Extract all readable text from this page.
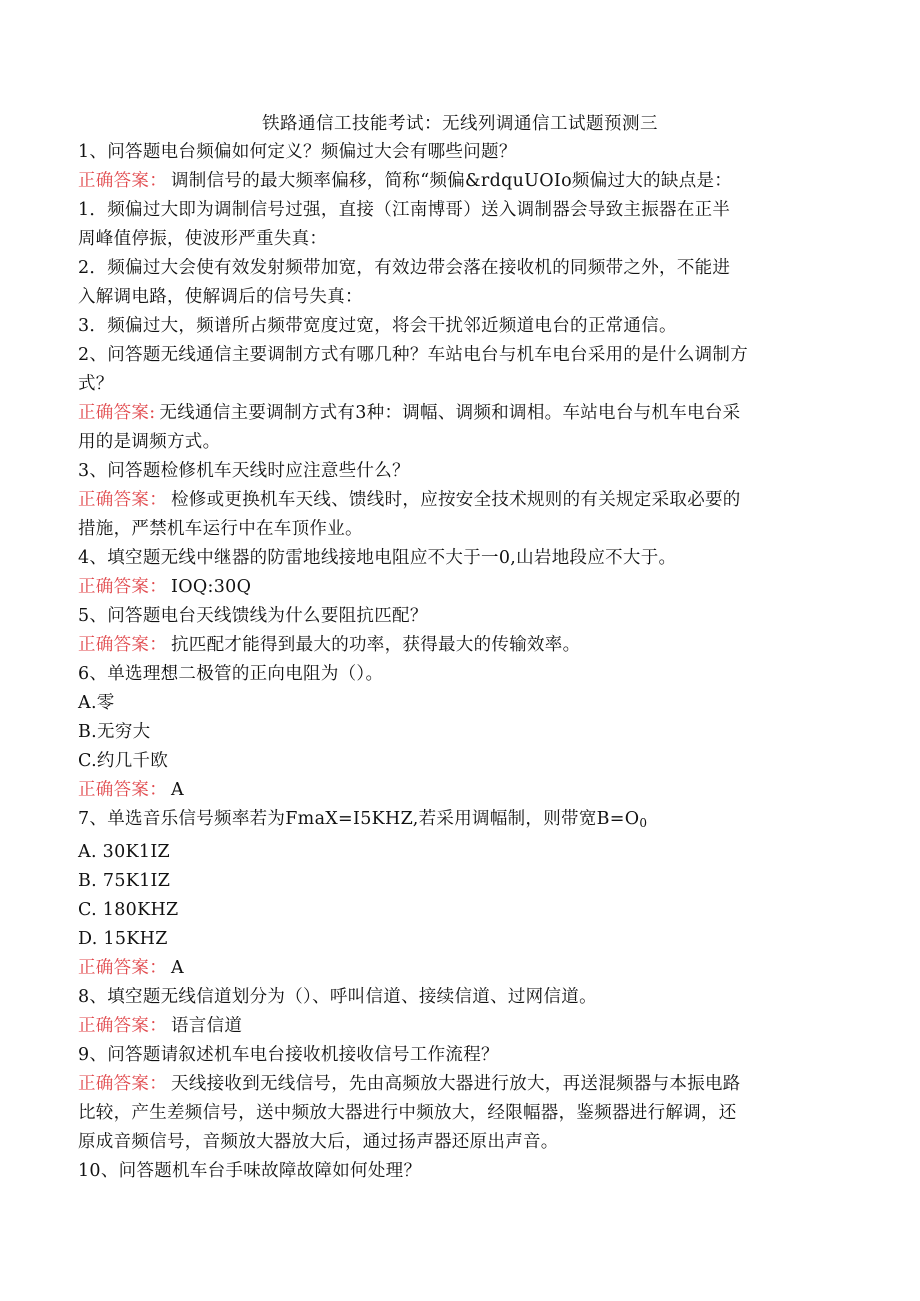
铁路通信工技能考试：无线列调通信工试题预测三
1、问答题电台频偏如何定义？频偏过大会有哪些问题？
正确答案： 调制信号的最大频率偏移，简称“频偏&rdquUOIo频偏过大的缺点是：
1．频偏过大即为调制信号过强，直接（江南博哥）送入调制器会导致主振器在正半
周峰值停振，使波形严重失真：
2．频偏过大会使有效发射频带加宽，有效边带会落在接收机的同频带之外，不能进
入解调电路，使解调后的信号失真：
3．频偏过大，频谱所占频带宽度过宽，将会干扰邻近频道电台的正常通信。
2、问答题无线通信主要调制方式有哪几种？车站电台与机车电台采用的是什么调制方
式？
正确答案: 无线通信主要调制方式有3种：调幅、调频和调相。车站电台与机车电台采
用的是调频方式。
3、问答题检修机车天线时应注意些什么？
正确答案： 检修或更换机车天线、馈线时，应按安全技术规则的有关规定采取必要的
措施，严禁机车运行中在车顶作业。
4、填空题无线中继器的防雷地线接地电阻应不大于一0,山岩地段应不大于。
正确答案： IOQ:30Q
5、问答题电台天线馈线为什么要阻抗匹配？
正确答案： 抗匹配才能得到最大的功率，获得最大的传输效率。
6、单选理想二极管的正向电阻为（）。
A.零
B.无穷大
C.约几千欧
正确答案： A
7、单选音乐信号频率若为FmaX=I5KHZ,若采用调幅制，则带宽$B=O_0$
A. 30K1IZ
B. 75K1IZ
C. 180KHZ
D. 15KHZ
正确答案： A
8、填空题无线信道划分为（）、呼叫信道、接续信道、过网信道。
正确答案： 语言信道
9、问答题请叙述机车电台接收机接收信号工作流程？
正确答案： 天线接收到无线信号，先由高频放大器进行放大，再送混频器与本振电路
比较，产生差频信号，送中频放大器进行中频放大，经限幅器，鉴频器进行解调，还
原成音频信号，音频放大器放大后，通过扬声器还原出声音。
10、问答题机车台手味故障故障如何处理？
